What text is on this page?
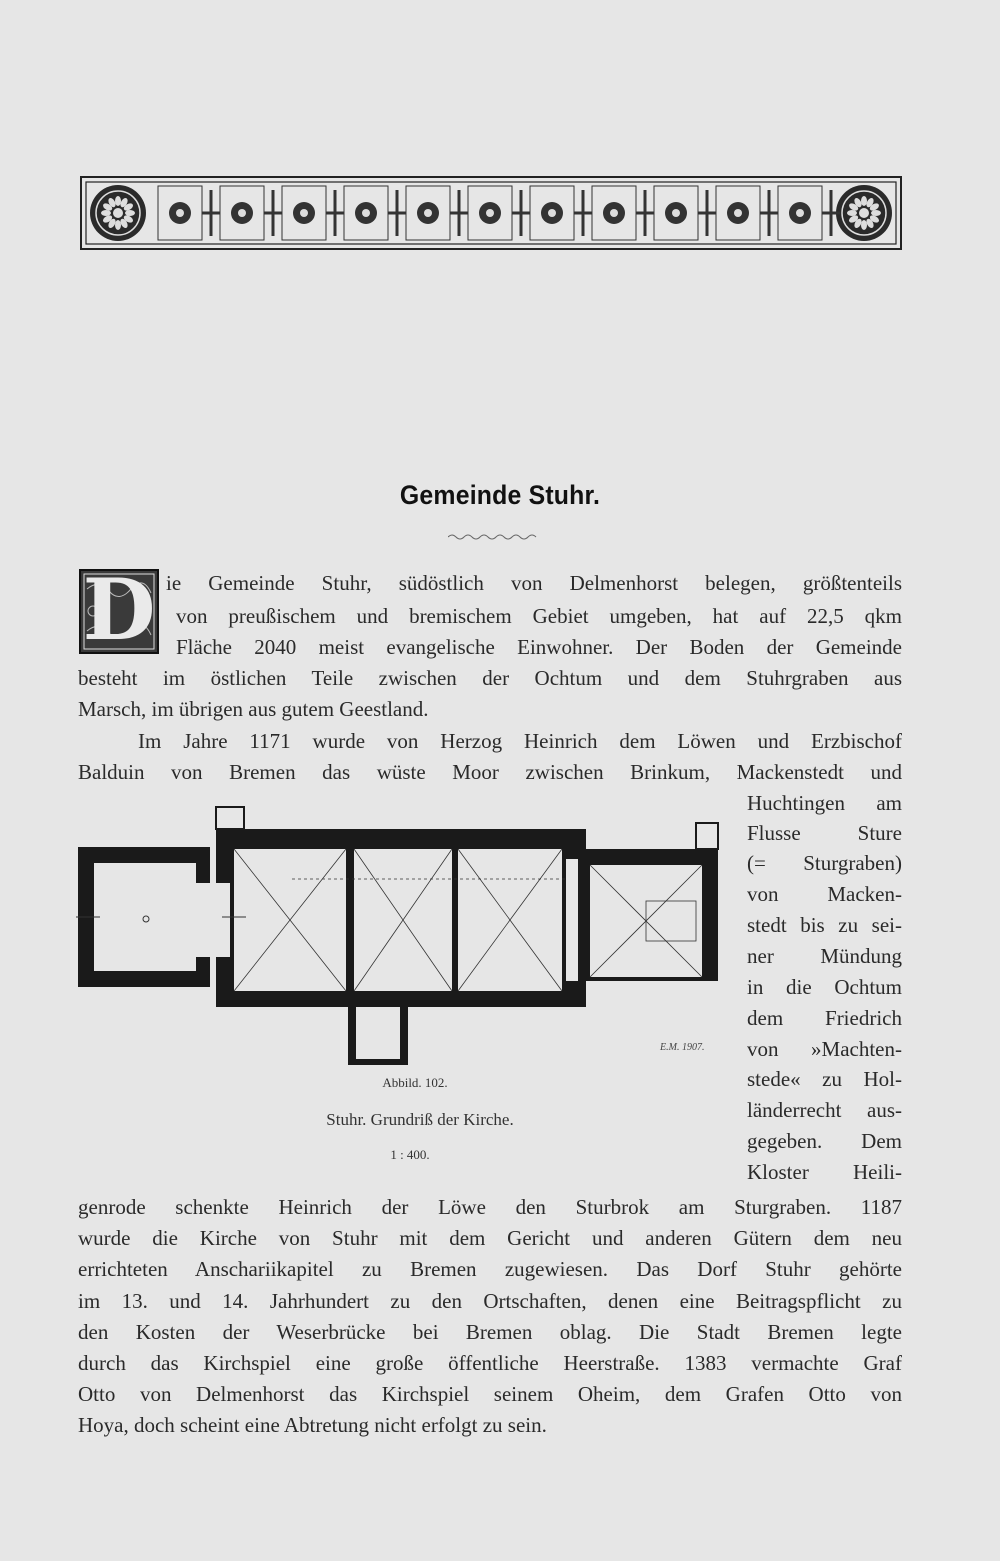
Gemeinde Stuhr.
D ie Gemeinde Stuhr, südöstlich von Delmenhorst belegen, größtenteils
von preußischem und bremischem Gebiet umgeben, hat auf 22,5 qkm
Fläche 2040 meist evangelische Einwohner. Der Boden der Gemeinde
besteht im östlichen Teile zwischen der Ochtum und dem Stuhrgraben aus
Marsch, im übrigen aus gutem Geestland.
Im Jahre 1171 wurde von Herzog Heinrich dem Löwen und Erzbischof
Balduin von Bremen das wüste Moor zwischen Brinkum, Mackenstedt und
Huchtingen am
Flusse Sture
(= Sturgraben)
von Macken-
stedt bis zu sei-
ner Mündung
in die Ochtum
dem Friedrich
von »Machten-
stede« zu Hol-
länderrecht aus-
gegeben. Dem
Kloster Heili-
genrode schenkte Heinrich der Löwe den Sturbrok am Sturgraben. 1187
wurde die Kirche von Stuhr mit dem Gericht und anderen Gütern dem neu
errichteten Anschariikapitel zu Bremen zugewiesen. Das Dorf Stuhr gehörte
im 13. und 14. Jahrhundert zu den Ortschaften, denen eine Beitragspflicht zu
den Kosten der Weserbrücke bei Bremen oblag. Die Stadt Bremen legte
durch das Kirchspiel eine große öffentliche Heerstraße. 1383 vermachte Graf
Otto von Delmenhorst das Kirchspiel seinem Oheim, dem Grafen Otto von
Hoya, doch scheint eine Abtretung nicht erfolgt zu sein.
Abbild. 102.
Stuhr. Grundriß der Kirche.
1 : 400.
E.M. 1907.
